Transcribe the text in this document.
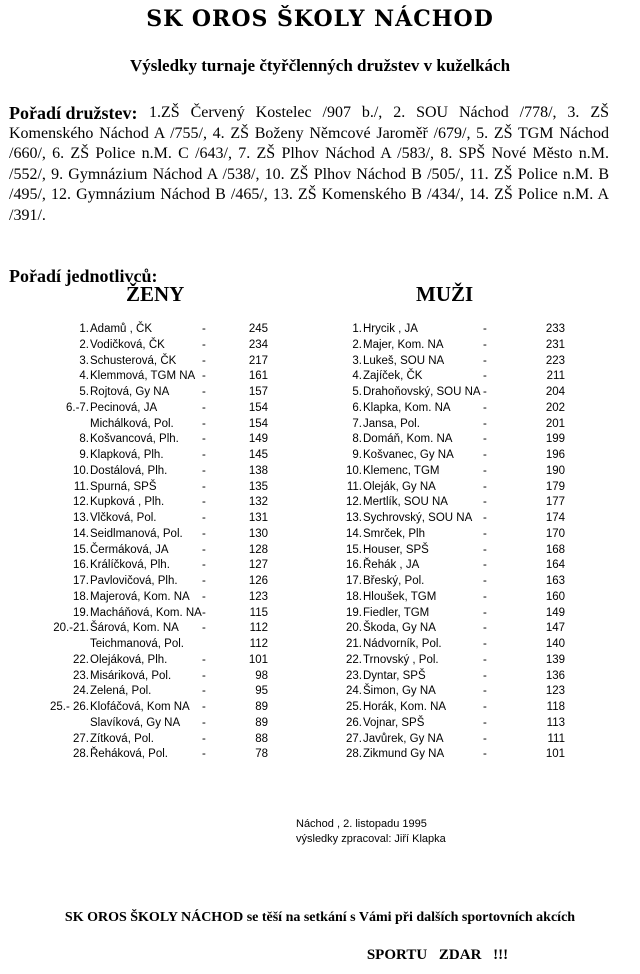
SK OROS ŠKOLY NÁCHOD
Výsledky turnaje čtyřčlenných družstev v kuželkách
Pořadí družstev: 1.ZŠ Červený Kostelec /907 b./, 2. SOU Náchod /778/, 3. ZŠ Komenského Náchod A /755/, 4. ZŠ Boženy Němcové Jaroměř /679/, 5. ZŠ TGM Náchod /660/, 6. ZŠ Police n.M. C /643/, 7. ZŠ Plhov Náchod A /583/, 8. SPŠ Nové Město n.M. /552/, 9. Gymnázium Náchod A /538/, 10. ZŠ Plhov Náchod B /505/, 11. ZŠ Police n.M. B /495/, 12. Gymnázium Náchod B /465/, 13. ZŠ Komenského B /434/, 14. ZŠ Police n.M. A /391/.
Pořadí jednotlivců:
ŽENY	MUŽI
1. Adamů , ČK	-	245
2. Vodičková, ČK	-	234
3. Schusterová, ČK -	217
4. Klemmová, TGM NA -	161
5. Rojtová, Gy NA	-	157
6.-7. Pecinová, JA	-	154
Michálková, Pol. -	154
8. Košvancová, Plh. -	149
9. Klapková, Plh.	-	145
10. Dostálová, Plh.	-	138
11. Spurná, SPŠ	-	135
12. Kupková , Plh.	-	132
13. Vlčková, Pol.	-	131
14. Seidlmanová, Pol. -	130
15. Čermáková, JA	-	128
16. Králíčková, Plh.	-	127
17. Pavlovičová, Plh. -	126
18. Majerová, Kom. NA -	123
19. Macháňová, Kom. NA -	115
20.-21. Šárová, Kom. NA -	112
Teichmanová, Pol.	112
22. Olejáková, Plh.	-	101
23. Misáriková, Pol.	-	98
24. Zelená, Pol.	-	95
25.- 26. Klofáčová, Kom NA -	89
Slavíková, Gy NA -	89
27. Zítková, Pol.	-	88
28. Řeháková, Pol.	-	78
1. Hrycik , JA	-	233
2. Majer, Kom. NA	-	231
3. Lukeš, SOU NA	-	223
4. Zajíček, ČK	-	211
5. Drahoňovský, SOU NA -	204
6. Klapka, Kom. NA	-	202
7. Jansa, Pol.	-	201
8. Domáň, Kom. NA	-	199
9. Košvanec, Gy NA	-	196
10. Klemenc, TGM	-	190
11. Oleják, Gy NA	-	179
12. Mertlík, SOU NA	-	177
13. Sychrovský, SOU NA -	174
14. Smrček, Plh	-	170
15. Houser, SPŠ	-	168
16. Řehák , JA	-	164
17. Břeský, Pol.	-	163
18. Hloušek, TGM	-	160
19. Fiedler, TGM	-	149
20. Škoda, Gy NA	-	147
21. Nádvorník, Pol.	-	140
22. Trnovský , Pol.	-	139
23. Dyntar, SPŠ	-	136
24. Šimon, Gy NA	-	123
25. Horák, Kom. NA	-	118
26. Vojnar, SPŠ	-	113
27. Javůrek, Gy NA	-	111
28. Zikmund Gy NA	-	101
Náchod , 2. listopadu 1995
výsledky zpracoval: Jiří Klapka
SK OROS ŠKOLY NÁCHOD se těší na setkání s Vámi při dalších sportovních akcích
SPORTU ZDAR !!!
